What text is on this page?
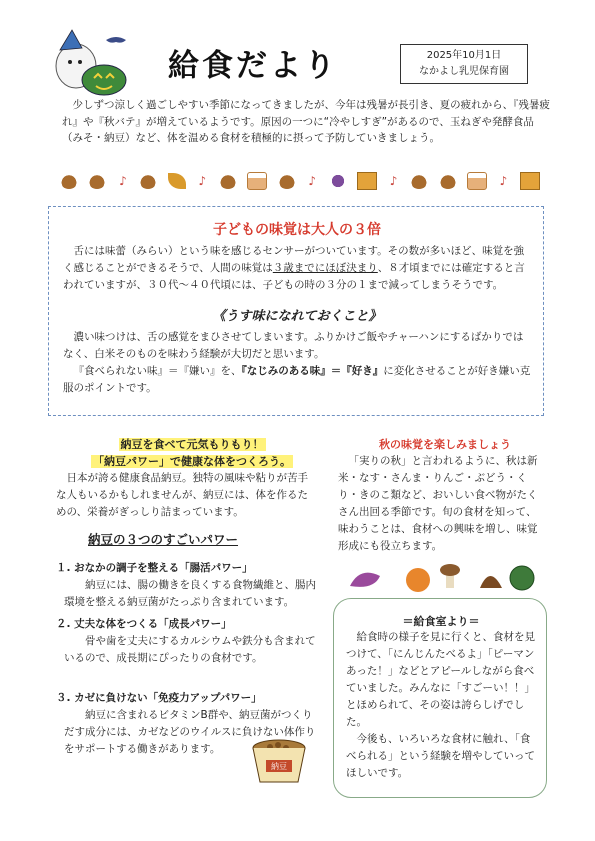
給食だより	2025年10月1日
なかよし乳児保育園

少しずつ涼しく過ごしやすい季節になってきましたが、今年は残暑が長引き、夏の疲れから、『残暑疲れ』や『秋バテ』が増えているようです。原因の一つに“冷やしすぎ”があるので、玉ねぎや発酵食品（みそ・納豆）など、体を温める食材を積極的に摂って予防していきましょう。

♪	♪	♪	♪	♪
子どもの味覚は大人の３倍

舌には味蕾（みらい）という味を感じるセンサーがついています。その数が多いほど、味覚を強く感じることができるそうで、人間の味覚は３歳までにほぼ決まり、８才頃までには確定すると言われていますが、３０代～４０代頃には、子どもの時の３分の１まで減ってしまうそうです。

《うす味になれておくこと》

濃い味つけは、舌の感覚をまひさせてしまいます。ふりかけご飯やチャーハンにするばかりではなく、白米そのものを味わう経験が大切だと思います。

『食べられない味』＝『嫌い』を、『なじみのある味』＝『好き』に変化させることが好き嫌い克服のポイントです。

納豆を食べて元気もりもり！
「納豆パワー」で健康な体をつくろう。

日本が誇る健康食品納豆。独特の風味や粘りが苦手な人もいるかもしれませんが、納豆には、体を作るための、栄養がぎっしり詰まっています。

納豆の３つのすごいパワー
１. おなかの調子を整える「腸活パワー」

納豆には、腸の働きを良くする食物繊維と、腸内環境を整える納豆菌がたっぷり含まれています。

２. 丈夫な体をつくる「成長パワー」

骨や歯を丈夫にするカルシウムや鉄分も含まれているので、成長期にぴったりの食材です。

３. カゼに負けない「免疫力アップパワー」

納豆に含まれるビタミンB群や、納豆菌がつくりだす成分には、カゼなどのウイルスに負けない体作りをサポートする働きがあります。

納豆
秋の味覚を楽しみましょう

「実りの秋」と言われるように、秋は新米・なす・さんま・りんご・ぶどう・くり・きのこ類など、おいしい食べ物がたくさん出回る季節です。旬の食材を知って、味わうことは、食材への興味を増し、味覚形成にも役立ちます。

＝給食室より＝

給食時の様子を見に行くと、食材を見つけて、「にんじんたべるよ」「ピーマンあった！」などとアピールしながら食べていました。みんなに「すごーい！！」とほめられて、その姿は誇らしげでした。

今後も、いろいろな食材に触れ、「食べられる」という経験を増やしていってほしいです。
